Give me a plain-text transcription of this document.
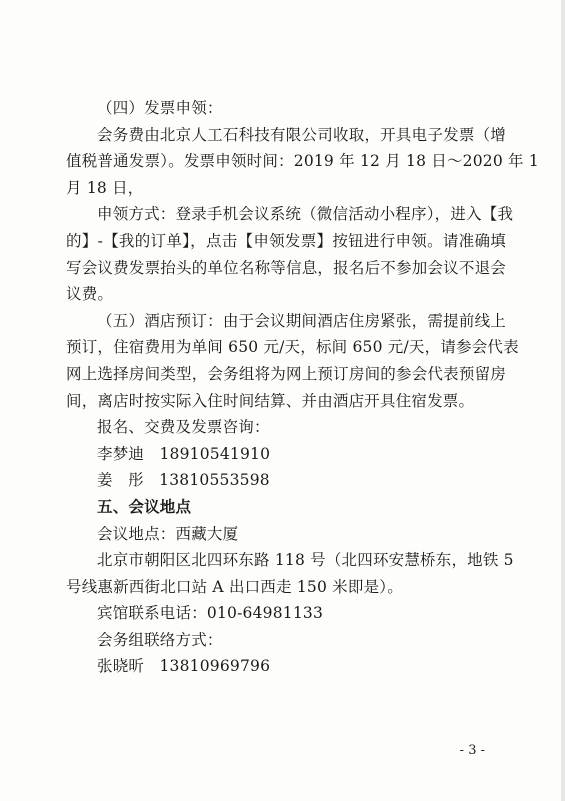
（四）发票申领：

会务费由北京人工石科技有限公司收取，开具电子发票（增

值税普通发票）。发票申领时间：2019 年 12 月 18 日～2020 年 1

月 18 日，

申领方式：登录手机会议系统（微信活动小程序），进入【我

的】-【我的订单】，点击【申领发票】按钮进行申领。请准确填

写会议费发票抬头的单位名称等信息，报名后不参加会议不退会

议费。

（五）酒店预订：由于会议期间酒店住房紧张，需提前线上

预订，住宿费用为单间 650 元/天，标间 650 元/天，请参会代表

网上选择房间类型，会务组将为网上预订房间的参会代表预留房

间，离店时按实际入住时间结算、并由酒店开具住宿发票。

报名、交费及发票咨询：

李梦迪   18910541910

姜   彤   13810553598

五、会议地点

会议地点：西藏大厦

北京市朝阳区北四环东路 118 号（北四环安慧桥东，地铁 5

号线惠新西街北口站 A 出口西走 150 米即是）。

宾馆联系电话：010-64981133

会务组联络方式：

张晓昕   13810969796

- 3 -
